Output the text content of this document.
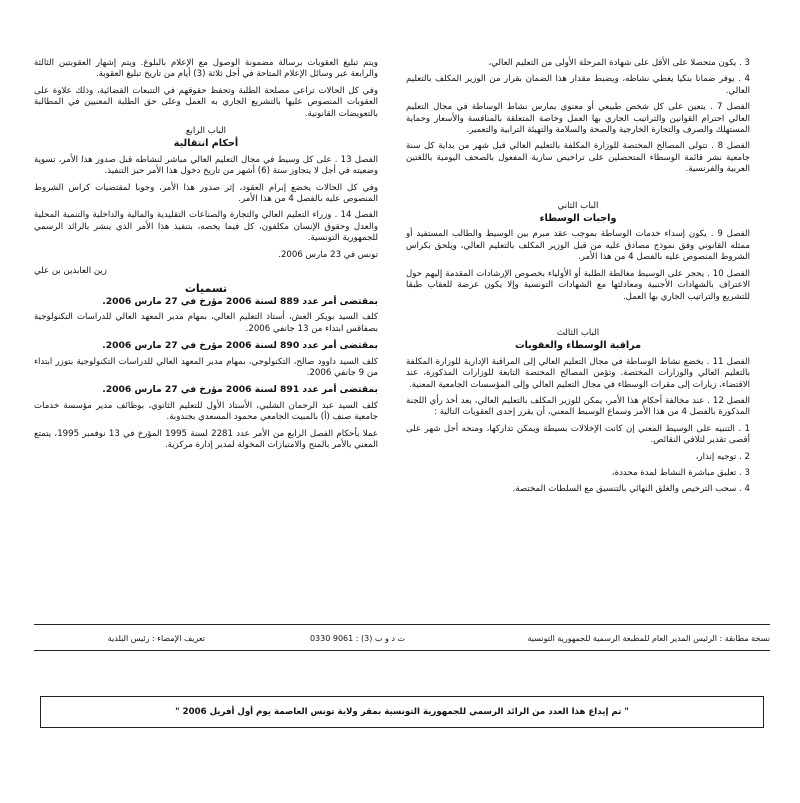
3 . يكون متحصلا على الأقل على شهادة المرحلة الأولى من التعليم العالي،

4 . يوفر ضمانا بنكيا يغطي نشاطه، ويضبط مقدار هذا الضمان بقرار من الوزير المكلف بالتعليم العالي.

الفصل 7 . يتعين على كل شخص طبيعي أو معنوي يمارس نشاط الوساطة في مجال التعليم العالي احترام القوانين والتراتيب الجاري بها العمل وخاصة المتعلقة بالمنافسة والأسعار وحماية المستهلك والصرف والتجارة الخارجية والصحة والسلامة والتهيئة الترابية والتعمير.

الفصل 8 . تتولى المصالح المختصة للوزارة المكلفة بالتعليم العالي قبل شهر من بداية كل سنة جامعية نشر قائمة الوسطاء المتحصلين على تراخيص سارية المفعول بالصحف اليومية باللغتين العربية والفرنسية.

الباب الثاني
واجبات الوسطاء

الفصل 9 . يكون إسداء خدمات الوساطة بموجب عقد مبرم بين الوسيط والطالب المستفيد أو ممثله القانوني وفق نموذج مصادق عليه من قبل الوزير المكلف بالتعليم العالي، ويلحق بكراس الشروط المنصوص عليه بالفصل 4 من هذا الأمر.

الفصل 10 . يحجر على الوسيط مغالطة الطلبة أو الأولياء بخصوص الإرشادات المقدمة إليهم حول الاعتراف بالشهادات الأجنبية ومعادلتها مع الشهادات التونسية وإلا يكون عرضة للعقاب طبقا للتشريع والتراتيب الجاري بها العمل.

الباب الثالث
مراقبة الوسطاء والعقوبات

الفصل 11 . يخضع نشاط الوساطة في مجال التعليم العالي إلى المراقبة الإدارية للوزارة المكلفة بالتعليم العالي والوزارات المختصة. وتؤمن المصالح المختصة التابعة للوزارات المذكورة، عند الاقتضاء، زيارات إلى مقرات الوسطاء في مجال التعليم العالي وإلى المؤسسات الجامعية المعنية.

الفصل 12 . عند مخالفة أحكام هذا الأمر، يمكن للوزير المكلف بالتعليم العالي، بعد أخذ رأي اللجنة المذكورة بالفصل 4 من هذا الأمر وسماع الوسيط المعني، أن يقرر إحدى العقوبات التالية :

1 . التنبيه على الوسيط المعني إن كانت الإخلالات بسيطة ويمكن تداركها، ومنحه أجل شهر على أقصى تقدير لتلافي النقائص.

2 . توجيه إنذار،

3 . تعليق مباشرة النشاط لمدة محددة،

4 . سحب الترخيص والغلق النهائي بالتنسيق مع السلطات المختصة.

ويتم تبليغ العقوبات برسالة مضمونة الوصول مع الإعلام بالبلوغ. ويتم إشهار العقوبتين الثالثة والرابعة عبر وسائل الإعلام المتاحة في أجل ثلاثة (3) أيام من تاريخ تبليغ العقوبة.

وفي كل الحالات تراعى مصلحة الطلبة وتحفظ حقوقهم في التتبعات القضائية، وذلك علاوة على العقوبات المنصوص عليها بالتشريع الجاري به العمل وعلى حق الطلبة المعنيين في المطالبة بالتعويضات القانونية.

الباب الرابع
أحكام انتقالية

الفصل 13 . على كل وسيط في مجال التعليم العالي مباشر لنشاطه قبل صدور هذا الأمر، تسوية وضعيته في أجل لا يتجاوز ستة (6) أشهر من تاريخ دخول هذا الأمر حيز التنفيذ.

وفي كل الحالات يخضع إبرام العقود، إثر صدور هذا الأمر، وجوبا لمقتضيات كراس الشروط المنصوص عليه بالفصل 4 من هذا الأمر.

الفصل 14 . وزراء التعليم العالي والتجارة والصناعات التقليدية والمالية والداخلية والتنمية المحلية والعدل وحقوق الإنسان مكلفون، كل فيما يخصه، بتنفيذ هذا الأمر الذي ينشر بالرائد الرسمي للجمهورية التونسية.

تونس في 23 مارس 2006.

زين العابدين بن علي

تسميات

بمقتضى أمر عدد 889 لسنة 2006 مؤرخ في 27 مارس 2006.

كلف السيد بويكر العش، أستاذ التعليم العالي، بمهام مدير المعهد العالي للدراسات التكنولوجية بصفاقس ابتداء من 13 جانفي 2006.

بمقتضى أمر عدد 890 لسنة 2006 مؤرخ في 27 مارس 2006.

كلف السيد داوود صالح، التكنولوجي، بمهام مدير المعهد العالي للدراسات التكنولوجية بتوزر ابتداء من 9 جانفي 2006.

بمقتضى أمر عدد 891 لسنة 2006 مؤرخ في 27 مارس 2006.

كلف السيد عبد الرحمان الشلبي، الأستاذ الأول للتعليم الثانوي، بوظائف مدير مؤسسة خدمات جامعية صنف (أ) بالمبيت الجامعي محمود المسعدي بجندوبة.

عملا بأحكام الفصل الرابع من الأمر عدد 2281 لسنة 1995 المؤرخ في 13 نوفمبر 1995، يتمتع المعني بالأمر بالمنح والامتيازات المخولة لمدير إدارة مركزية.

نسخة مطابقة : الرئيس المدير العام للمطبعة الرسمية للجمهورية التونسية
ت د و ب (3) : 9061 0330
تعريف الإمضاء : رئيس البلدية
" تم إيداع هذا العدد من الرائد الرسمي للجمهورية التونسية بمقر ولاية تونس العاصمة يوم أول أفريل 2006 "
